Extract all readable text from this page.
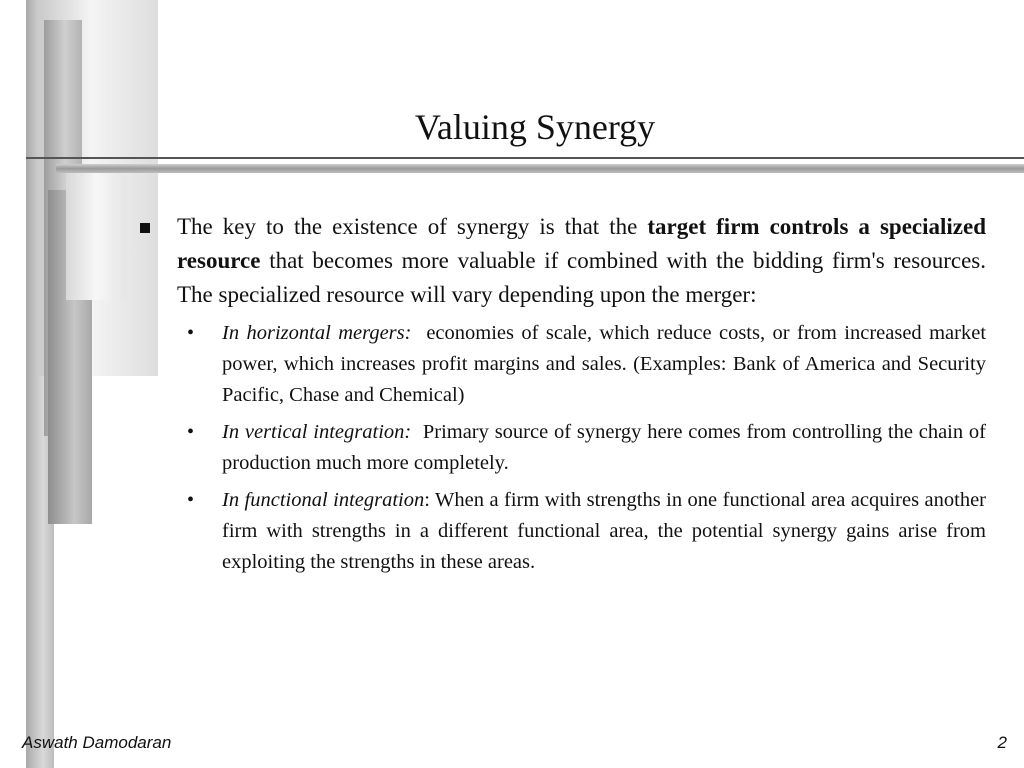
Valuing Synergy
The key to the existence of synergy is that the target firm controls a specialized resource that becomes more valuable if combined with the bidding firm's resources. The specialized resource will vary depending upon the merger:
• In horizontal mergers: economies of scale, which reduce costs, or from increased market power, which increases profit margins and sales. (Examples: Bank of America and Security Pacific, Chase and Chemical)
• In vertical integration: Primary source of synergy here comes from controlling the chain of production much more completely.
• In functional integration: When a firm with strengths in one functional area acquires another firm with strengths in a different functional area, the potential synergy gains arise from exploiting the strengths in these areas.
Aswath Damodaran	2
